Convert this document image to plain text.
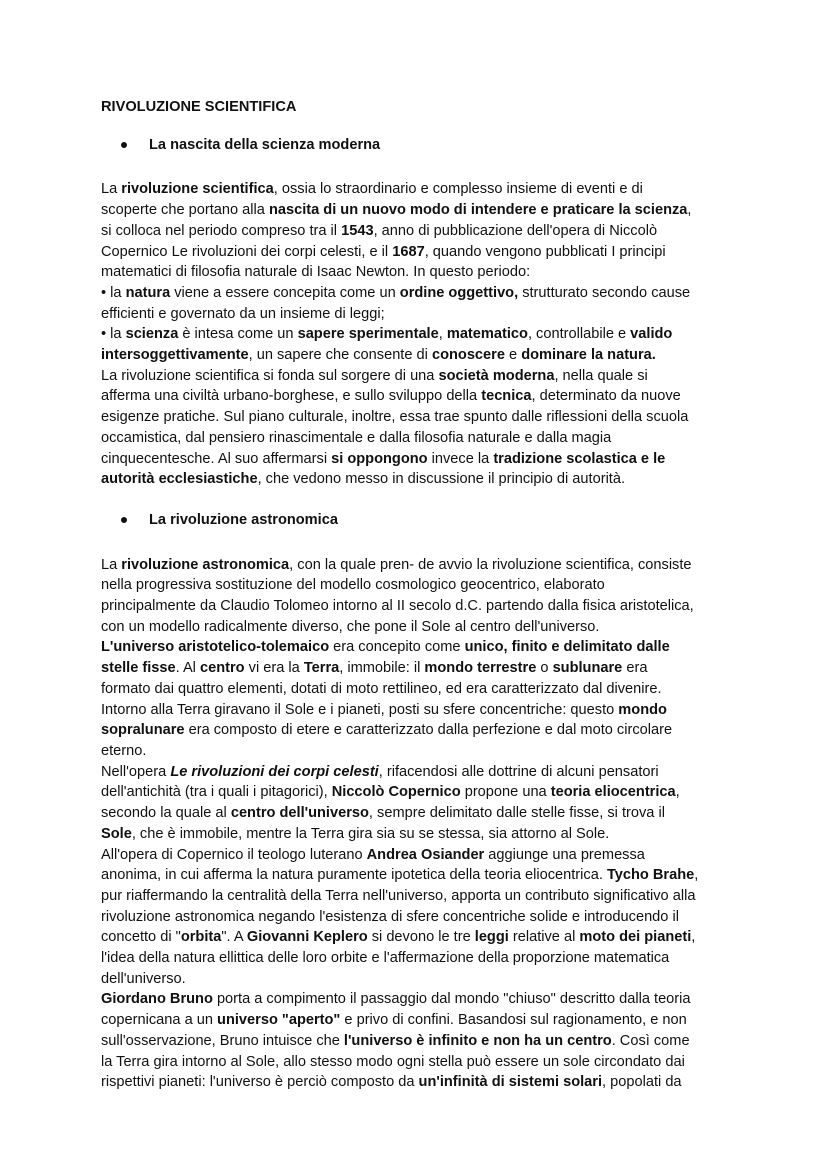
RIVOLUZIONE SCIENTIFICA
La nascita della scienza moderna
La rivoluzione scientifica, ossia lo straordinario e complesso insieme di eventi e di
scoperte che portano alla nascita di un nuovo modo di intendere e praticare la scienza,
si colloca nel periodo compreso tra il 1543, anno di pubblicazione dell'opera di Niccolò
Copernico Le rivoluzioni dei corpi celesti, e il 1687, quando vengono pubblicati I principi
matematici di filosofia naturale di Isaac Newton. In questo periodo:
• la natura viene a essere concepita come un ordine oggettivo, strutturato secondo cause
efficienti e governato da un insieme di leggi;
• la scienza è intesa come un sapere sperimentale, matematico, controllabile e valido
intersoggettivamente, un sapere che consente di conoscere e dominare la natura.
La rivoluzione scientifica si fonda sul sorgere di una società moderna, nella quale si
afferma una civiltà urbano-borghese, e sullo sviluppo della tecnica, determinato da nuove
esigenze pratiche. Sul piano culturale, inoltre, essa trae spunto dalle riflessioni della scuola
occamistica, dal pensiero rinascimentale e dalla filosofia naturale e dalla magia
cinquecentesche. Al suo affermarsi si oppongono invece la tradizione scolastica e le
autorità ecclesiastiche, che vedono messo in discussione il principio di autorità.
La rivoluzione astronomica
La rivoluzione astronomica, con la quale pren- de avvio la rivoluzione scientifica, consiste
nella progressiva sostituzione del modello cosmologico geocentrico, elaborato
principalmente da Claudio Tolomeo intorno al II secolo d.C. partendo dalla fisica aristotelica,
con un modello radicalmente diverso, che pone il Sole al centro dell'universo.
L'universo aristotelico-tolemaico era concepito come unico, finito e delimitato dalle
stelle fisse. Al centro vi era la Terra, immobile: il mondo terrestre o sublunare era
formato dai quattro elementi, dotati di moto rettilineo, ed era caratterizzato dal divenire.
Intorno alla Terra giravano il Sole e i pianeti, posti su sfere concentriche: questo mondo
sopralunare era composto di etere e caratterizzato dalla perfezione e dal moto circolare
eterno.
Nell'opera Le rivoluzioni dei corpi celesti, rifacendosi alle dottrine di alcuni pensatori
dell'antichità (tra i quali i pitagorici), Niccolò Copernico propone una teoria eliocentrica,
secondo la quale al centro dell'universo, sempre delimitato dalle stelle fisse, si trova il
Sole, che è immobile, mentre la Terra gira sia su se stessa, sia attorno al Sole.
All'opera di Copernico il teologo luterano Andrea Osiander aggiunge una premessa
anonima, in cui afferma la natura puramente ipotetica della teoria eliocentrica. Tycho Brahe,
pur riaffermando la centralità della Terra nell'universo, apporta un contributo significativo alla
rivoluzione astronomica negando l'esistenza di sfere concentriche solide e introducendo il
concetto di "orbita". A Giovanni Keplero si devono le tre leggi relative al moto dei pianeti,
l'idea della natura ellittica delle loro orbite e l'affermazione della proporzione matematica
dell'universo.
Giordano Bruno porta a compimento il passaggio dal mondo "chiuso" descritto dalla teoria
copernicana a un universo "aperto" e privo di confini. Basandosi sul ragionamento, e non
sull'osservazione, Bruno intuisce che l'universo è infinito e non ha un centro. Così come
la Terra gira intorno al Sole, allo stesso modo ogni stella può essere un sole circondato dai
rispettivi pianeti: l'universo è perciò composto da un'infinità di sistemi solari, popolati da
